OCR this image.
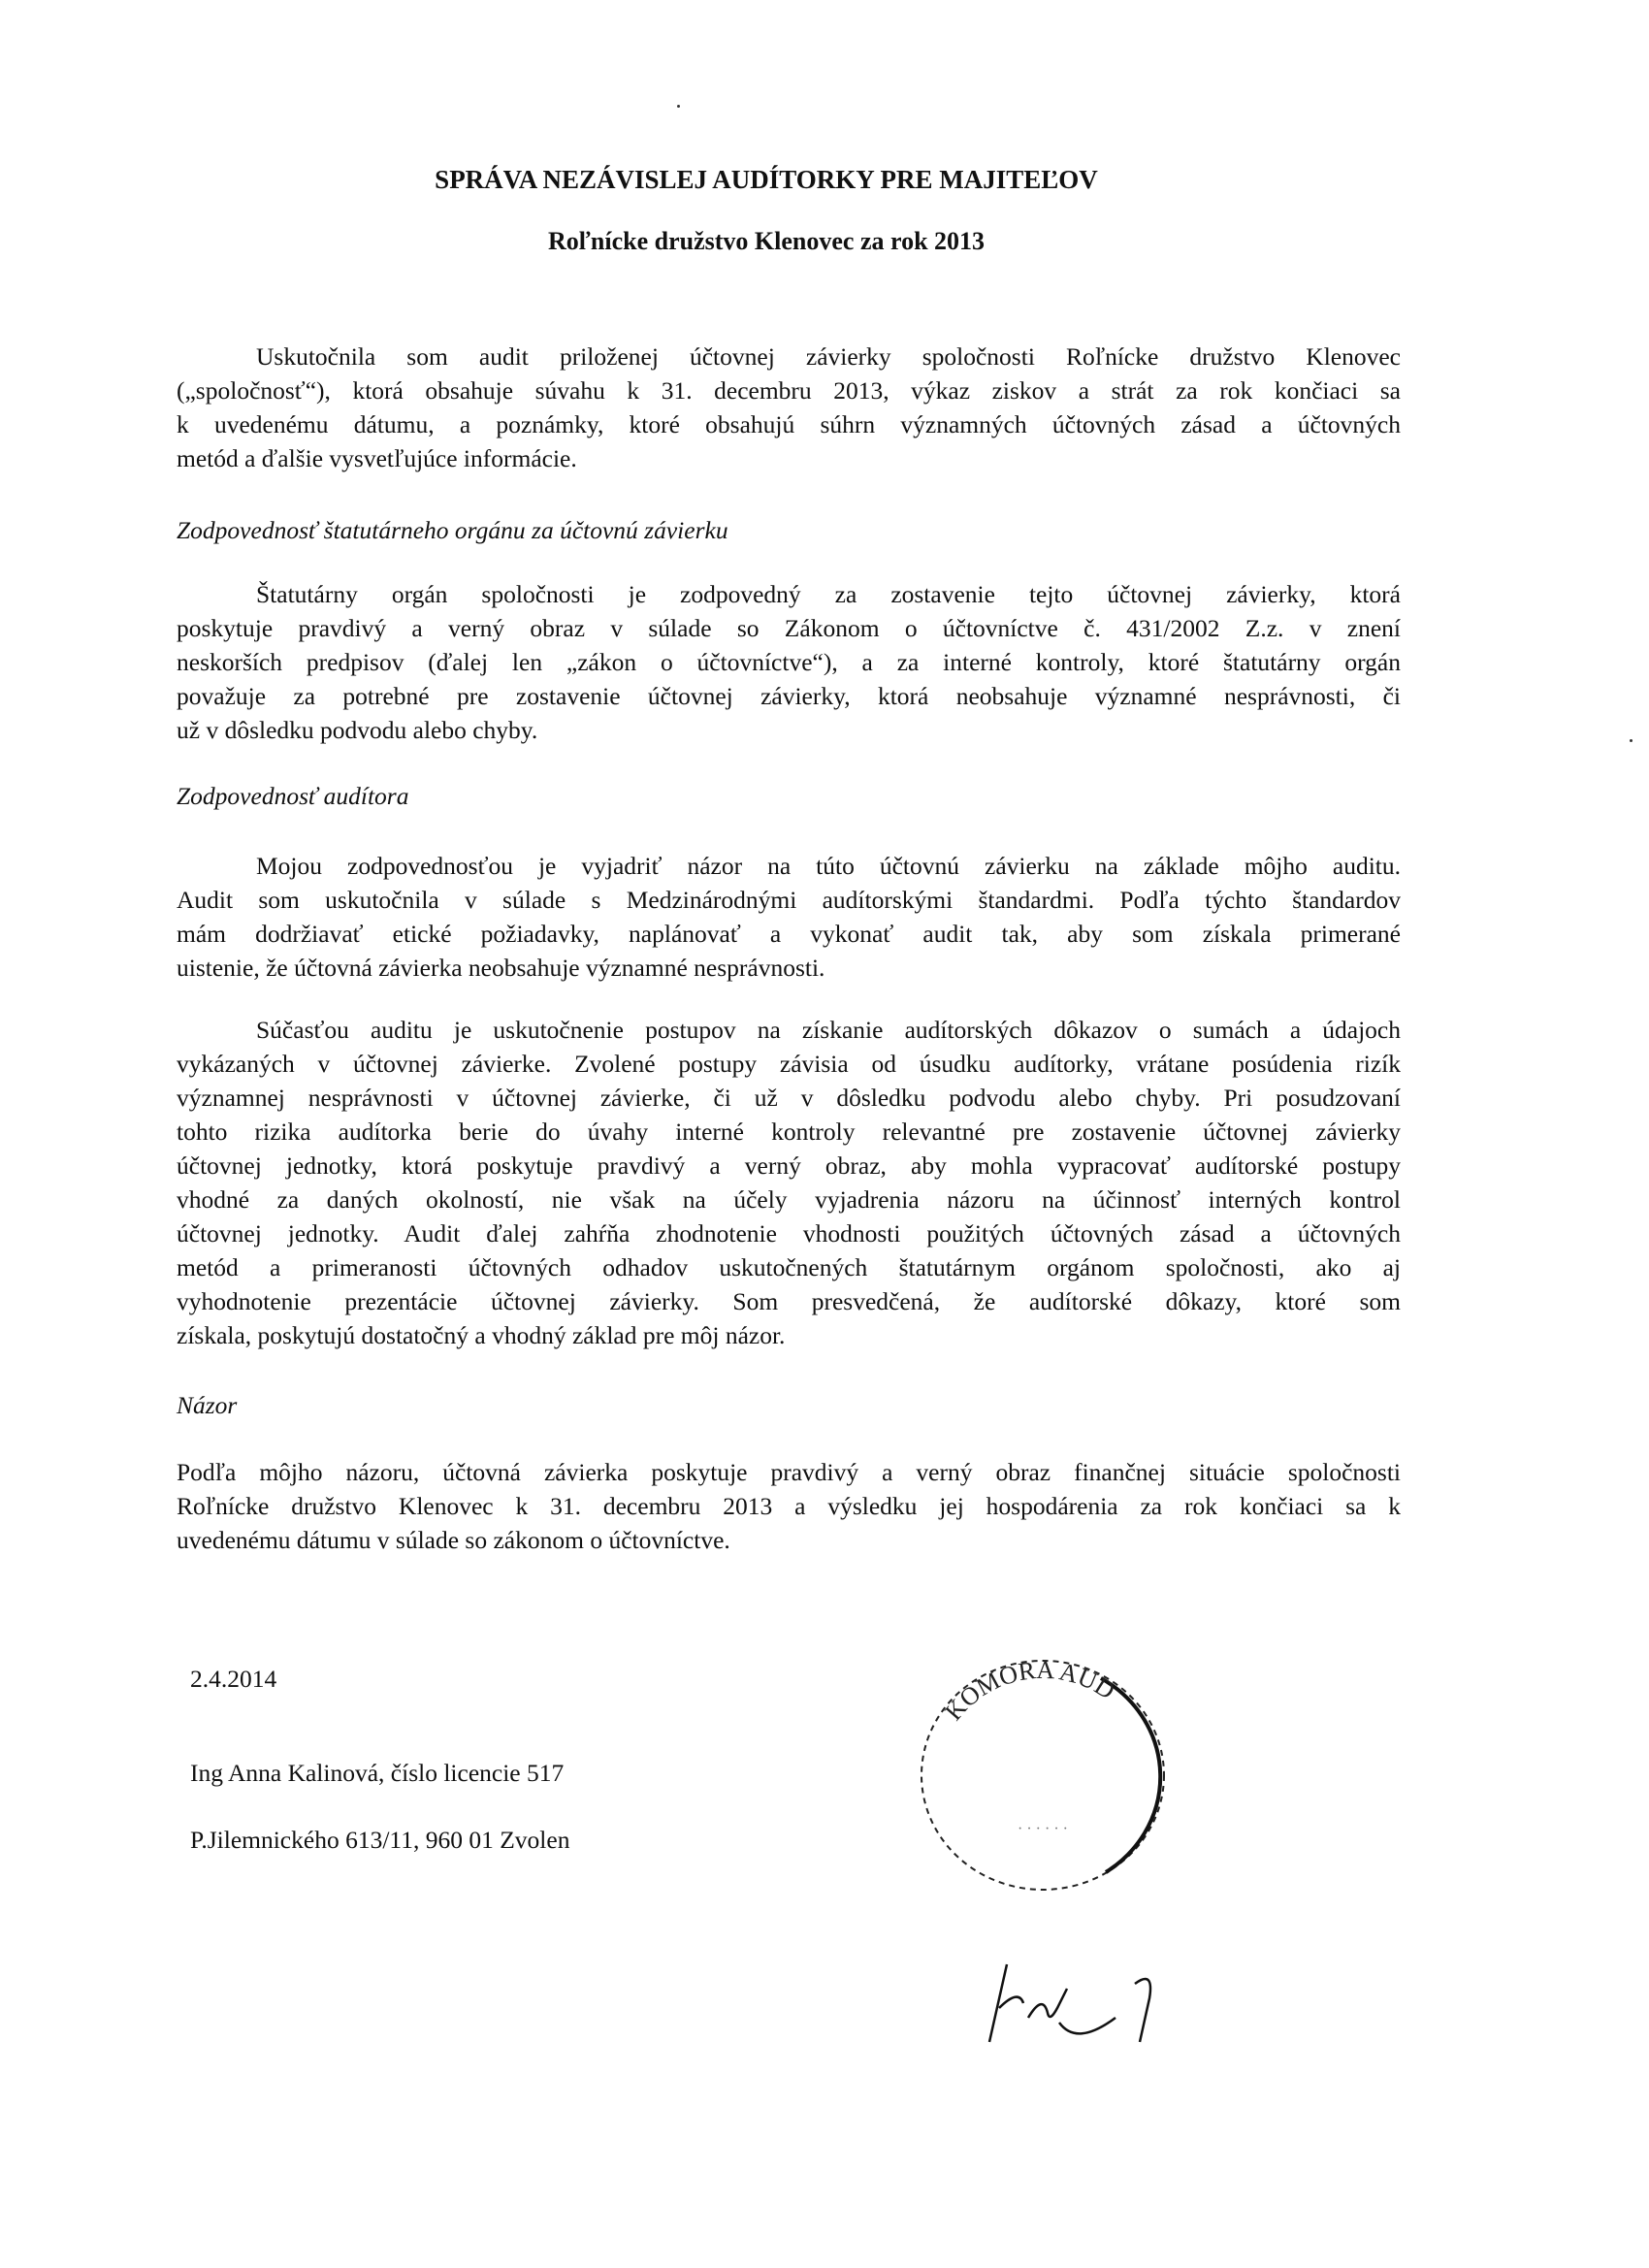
SPRÁVA NEZÁVISLEJ AUDÍTORKY PRE MAJITEĽOV
Roľnícke družstvo Klenovec za rok 2013
Uskutočnila som audit priloženej účtovnej závierky spoločnosti Roľnícke družstvo Klenovec
(„spoločnosť“), ktorá obsahuje súvahu k 31. decembru 2013, výkaz ziskov a strát za rok končiaci sa
k uvedenému dátumu, a poznámky, ktoré obsahujú súhrn významných účtovných zásad a účtovných
metód a ďalšie vysvetľujúce informácie.
Zodpovednosť štatutárneho orgánu za účtovnú závierku
Štatutárny orgán spoločnosti je zodpovedný za zostavenie tejto účtovnej závierky, ktorá
poskytuje pravdivý a verný obraz v súlade so Zákonom o účtovníctve č. 431/2002 Z.z. v znení
neskorších predpisov (ďalej len „zákon o účtovníctve“), a za interné kontroly, ktoré štatutárny orgán
považuje za potrebné pre zostavenie účtovnej závierky, ktorá neobsahuje významné nesprávnosti, či
už v dôsledku podvodu alebo chyby.
Zodpovednosť audítora
Mojou zodpovednosťou je vyjadriť názor na túto účtovnú závierku na základe môjho auditu.
Audit som uskutočnila v súlade s Medzinárodnými audítorskými štandardmi. Podľa týchto štandardov
mám dodržiavať etické požiadavky, naplánovať a vykonať audit tak, aby som získala primerané
uistenie, že účtovná závierka neobsahuje významné nesprávnosti.
Súčasťou auditu je uskutočnenie postupov na získanie audítorských dôkazov o sumách a údajoch
vykázaných v účtovnej závierke. Zvolené postupy závisia od úsudku audítorky, vrátane posúdenia rizík
významnej nesprávnosti v účtovnej závierke, či už v dôsledku podvodu alebo chyby. Pri posudzovaní
tohto rizika audítorka berie do úvahy interné kontroly relevantné pre zostavenie účtovnej závierky
účtovnej jednotky, ktorá poskytuje pravdivý a verný obraz, aby mohla vypracovať audítorské postupy
vhodné za daných okolností, nie však na účely vyjadrenia názoru na účinnosť interných kontrol
účtovnej jednotky. Audit ďalej zahŕňa zhodnotenie vhodnosti použitých účtovných zásad a účtovných
metód a primeranosti účtovných odhadov uskutočnených štatutárnym orgánom spoločnosti, ako aj
vyhodnotenie prezentácie účtovnej závierky. Som presvedčená, že audítorské dôkazy, ktoré som
získala, poskytujú dostatočný a vhodný základ pre môj názor.
Názor
Podľa môjho názoru, účtovná závierka poskytuje pravdivý a verný obraz finančnej situácie spoločnosti
Roľnícke družstvo Klenovec k 31. decembru 2013 a výsledku jej hospodárenia za rok končiaci sa k
uvedenému dátumu v súlade so zákonom o účtovníctve.
2.4.2014
Ing Anna Kalinová, číslo licencie 517
P.Jilemnického 613/11, 960 01 Zvolen
KOMORA AUD
· · · · · ·
